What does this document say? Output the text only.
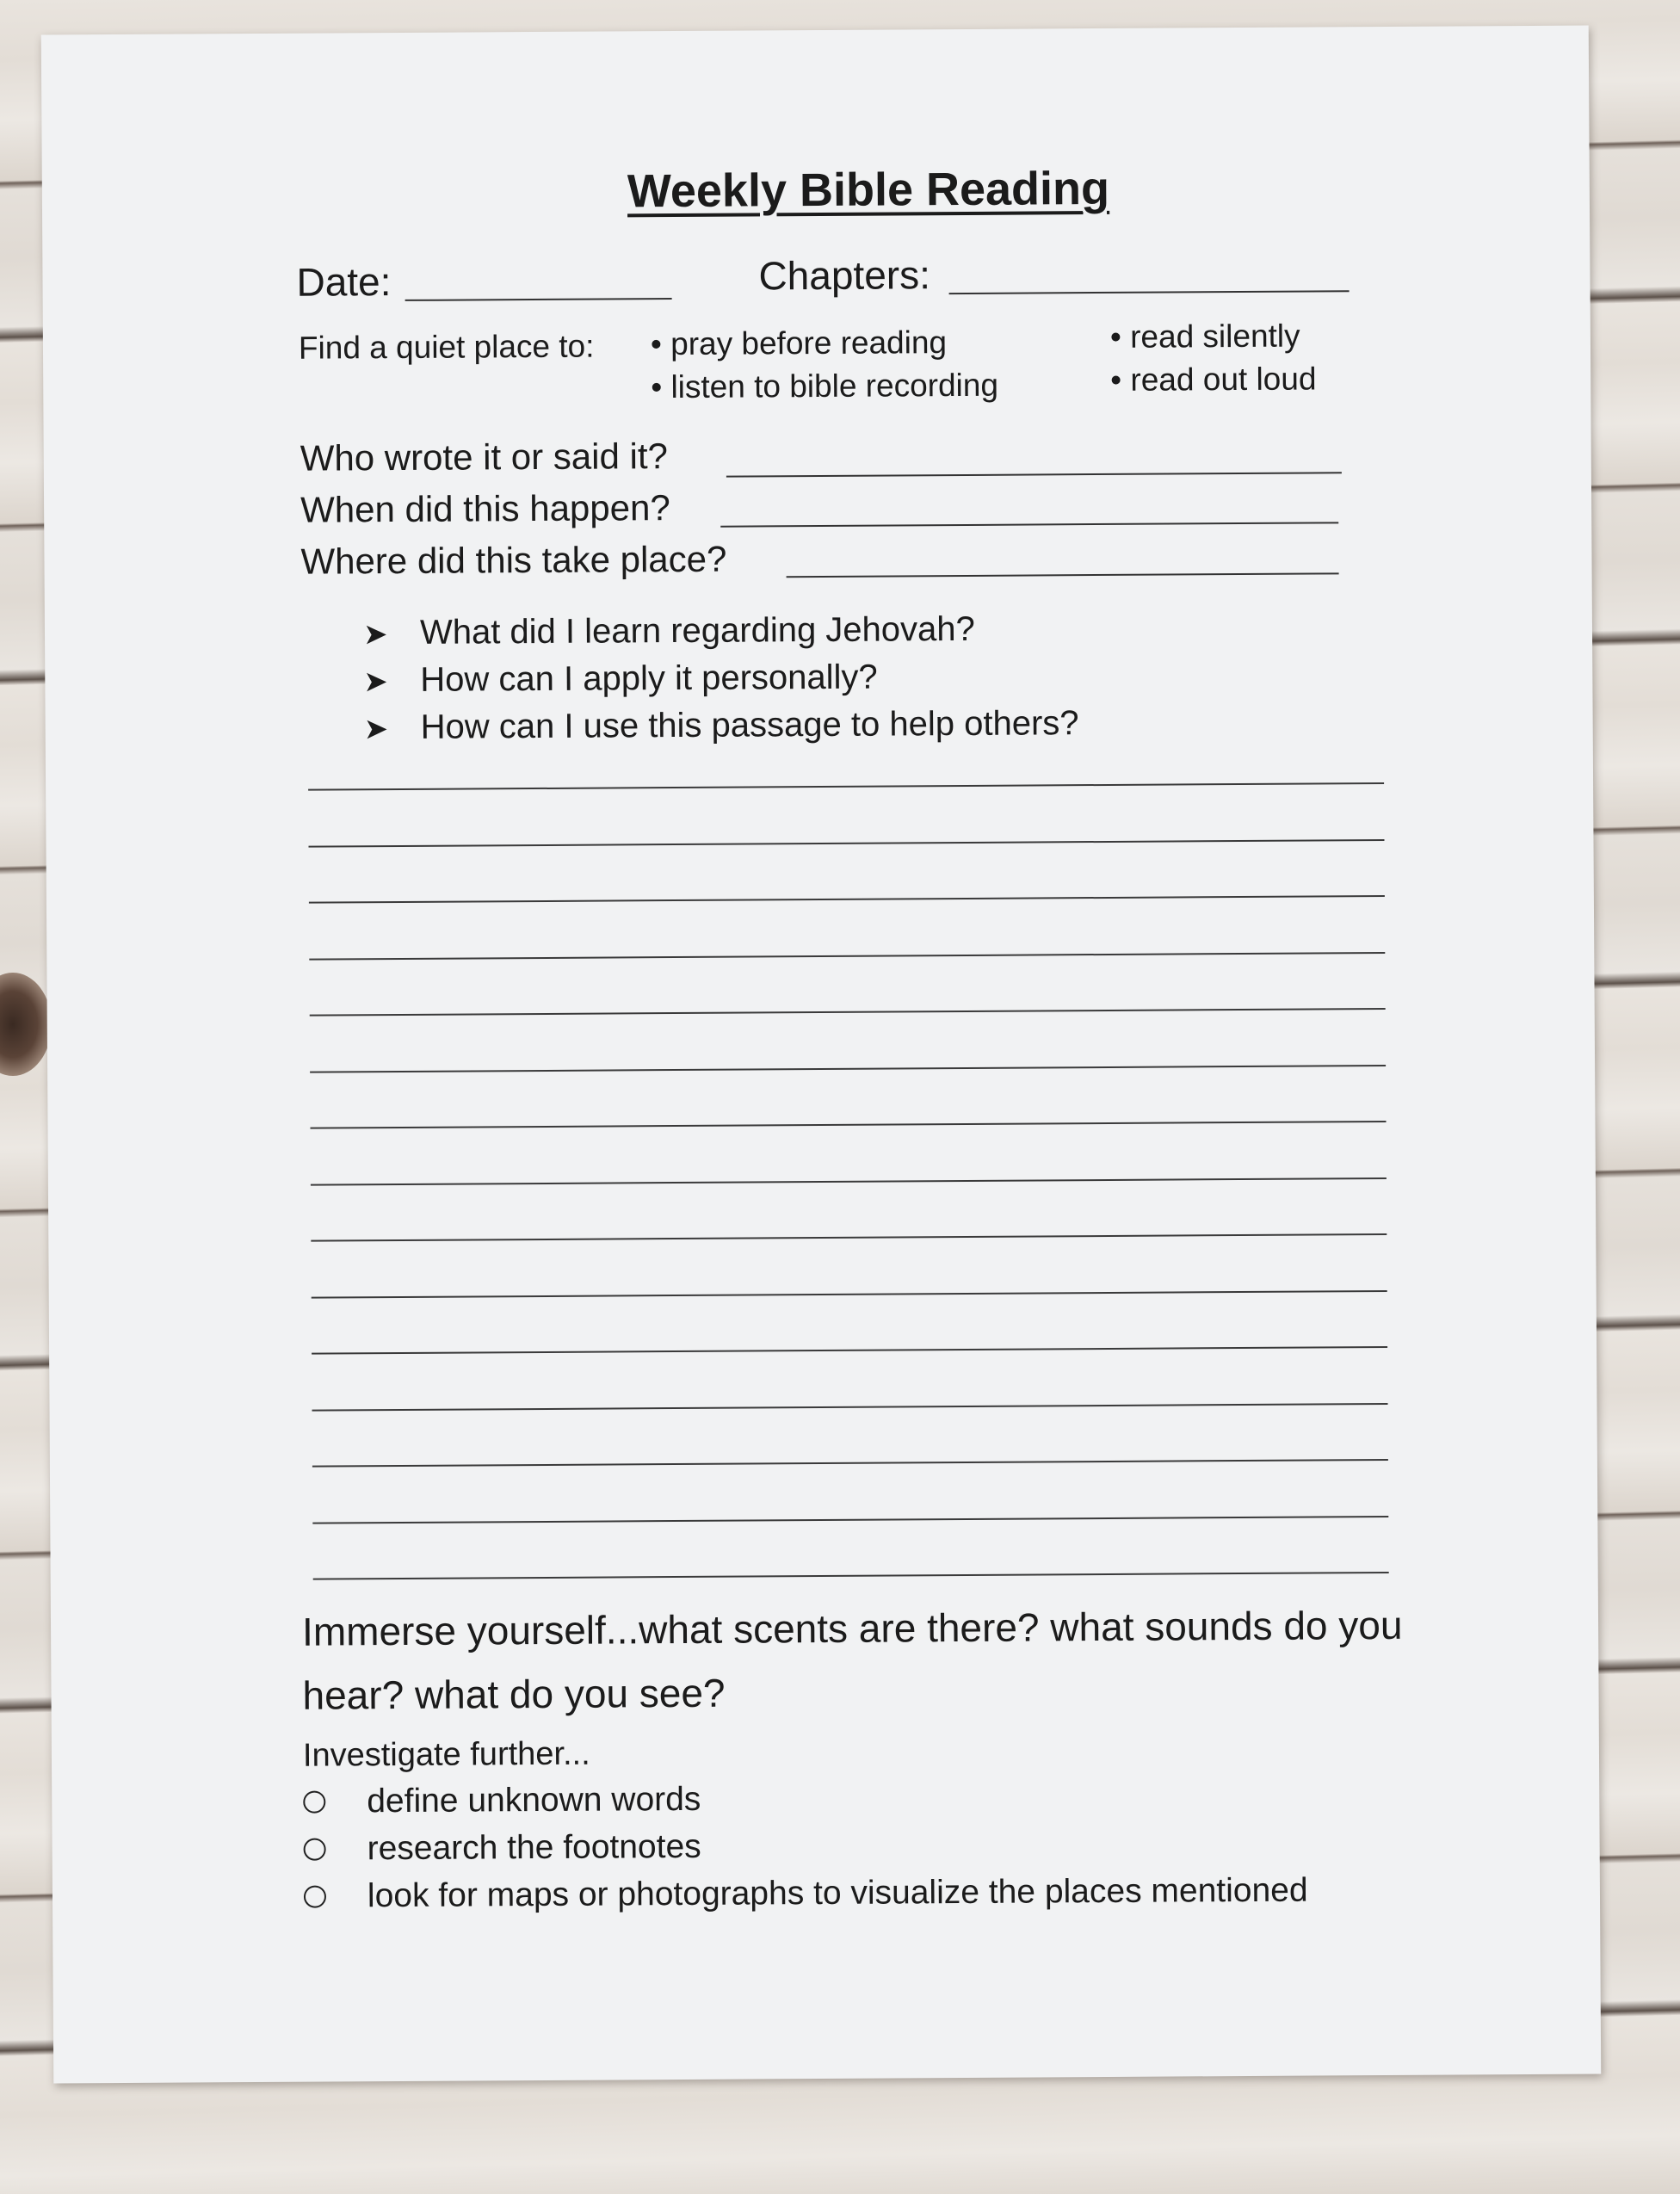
Weekly Bible Reading
Date:	Chapters:
Find a quiet place to: • pray before reading
• listen to bible recording
• read silently
• read out loud
Who wrote it or said it?
When did this happen?
Where did this take place?
➤ What did I learn regarding Jehovah?
➤ How can I apply it personally?
➤ How can I use this passage to help others?
Immerse yourself...what scents are there? what sounds do you hear? what do you see?
Investigate further...
define unknown words
research the footnotes
look for maps or photographs to visualize the places mentioned
